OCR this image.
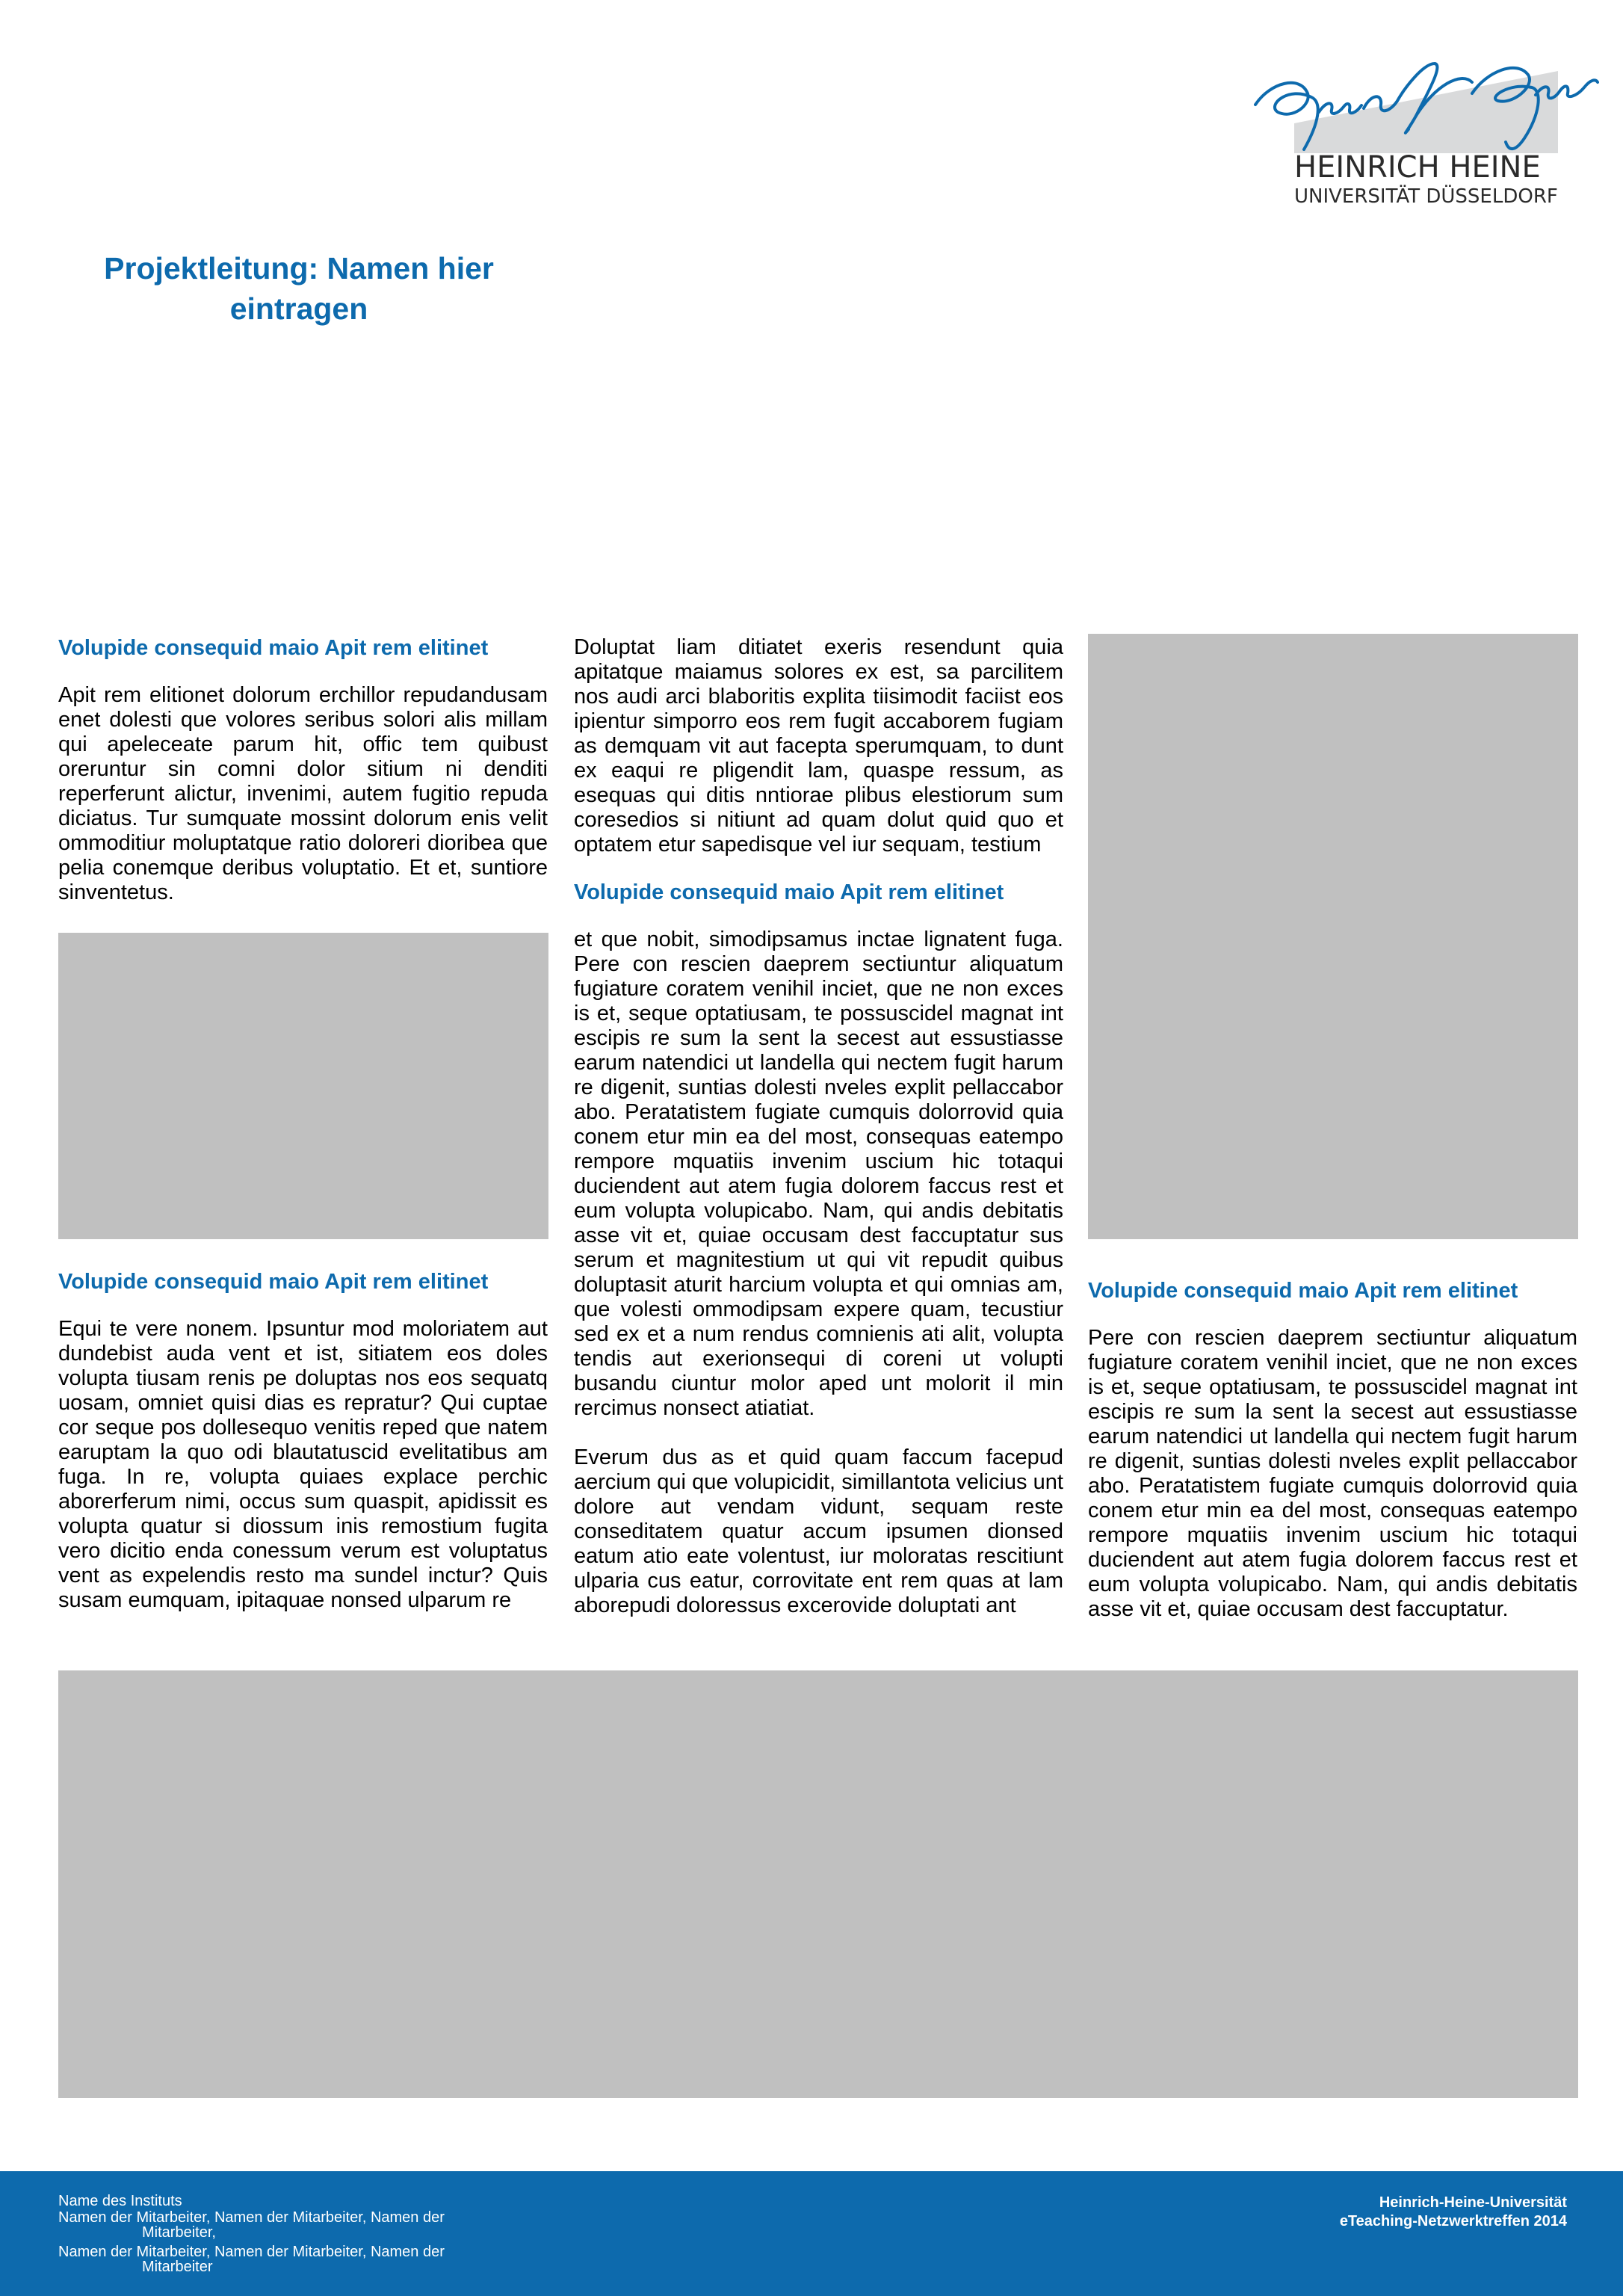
HEINRICH HEINE
UNIVERSITÄT DÜSSELDORF
Projektleitung: Namen hier eintragen
Volupide consequid maio Apit rem elitinet

Apit rem elitionet dolorum erchillor repudandusam enet dolesti que volores seribus solori alis millam qui apeleceate parum hit, offic tem quibust oreruntur sin comni dolor sitium ni denditi reperferunt alictur, invenimi, autem fugitio repuda diciatus. Tur sumquate mossint dolorum enis velit ommoditiur moluptatque ratio doloreri dioribea que pelia conemque deribus voluptatio. Et et, suntiore sinventetus.

Volupide consequid maio Apit rem elitinet

Equi te vere nonem. Ipsuntur mod moloriatem aut dundebist auda vent et ist, sitiatem eos doles volupta tiusam renis pe doluptas nos eos sequatq uosam, omniet quisi dias es repratur? Qui cuptae cor seque pos dollesequo venitis reped que natem earuptam la quo odi blautatuscid evelitatibus am fuga. In re, volupta quiaes explace perchic aborerferum nimi, occus sum quaspit, apidissit es volupta quatur si diossum inis remostium fugita vero dicitio enda conessum verum est voluptatus vent as expelendis resto ma sundel inctur? Quis susam eumquam, ipitaquae nonsed ulparum re

Volupide consequid maio Apit rem elitinet

Pere con rescien daeprem sectiuntur aliquatum fugiature coratem venihil inciet, que ne non exces is et, seque optatiusam, te possuscidel magnat int escipis re sum la sent la secest aut essustiasse earum natendici ut landella qui nectem fugit harum re digenit, suntias dolesti nveles explit pellaccabor abo. Peratatistem fugiate cumquis dolorrovid quia conem etur min ea del most, consequas eatempo rempore mquatiis invenim uscium hic totaqui duciendent aut atem fugia dolorem faccus rest et eum volupta volupicabo. Nam, qui andis debitatis asse vit et, quiae occusam dest faccuptatur.

Doluptat liam ditiatet exeris resendunt quia apitatque maiamus solores ex est, sa parcilitem nos audi arci blaboritis explita tiisimodit faciist eos ipientur simporro eos rem fugit accaborem fugiam as demquam vit aut facepta sperumquam, to dunt ex eaqui re pligendit lam, quaspe ressum, as esequas qui ditis nntiorae plibus elestiorum sum coresedios si nitiunt ad quam dolut quid quo et optatem etur sapedisque vel iur sequam, testium

Volupide consequid maio Apit rem elitinet

et que nobit, simodipsamus inctae lignatent fuga. Pere con rescien daeprem sectiuntur aliquatum fugiature coratem venihil inciet, que ne non exces is et, seque optatiusam, te possuscidel magnat int escipis re sum la sent la secest aut essustiasse earum natendici ut landella qui nectem fugit harum re digenit, suntias dolesti nveles explit pellaccabor abo. Peratatistem fugiate cumquis dolorrovid quia conem etur min ea del most, consequas eatempo rempore mquatiis invenim uscium hic totaqui duciendent aut atem fugia dolorem faccus rest et eum volupta volupicabo. Nam, qui andis debitatis asse vit et, quiae occusam dest faccuptatur sus serum et magnitestium ut qui vit repudit quibus doluptasit aturit harcium volupta et qui omnias am, que volesti ommodipsam expere quam, tecustiur sed ex et a num rendus comnienis ati alit, volupta tendis aut exerionsequi di coreni ut volupti busandu ciuntur molor aped unt molorit il min rercimus nonsect atiatiat.

Everum dus as et quid quam faccum facepud aercium qui que volupicidit, simillantota velicius unt dolore aut vendam vidunt, sequam reste conseditatem quatur accum ipsumen dionsed eatum atio eate volentust, iur moloratas rescitiunt ulparia cus eatur, corrovitate ent rem quas at lam aborepudi doloressus excerovide doluptati ant

Name des Instituts
Namen der Mitarbeiter, Namen der Mitarbeiter, Namen der Mitarbeiter,
Namen der Mitarbeiter, Namen der Mitarbeiter, Namen der Mitarbeiter
Heinrich-Heine-Universität
eTeaching-Netzwerktreffen 2014
